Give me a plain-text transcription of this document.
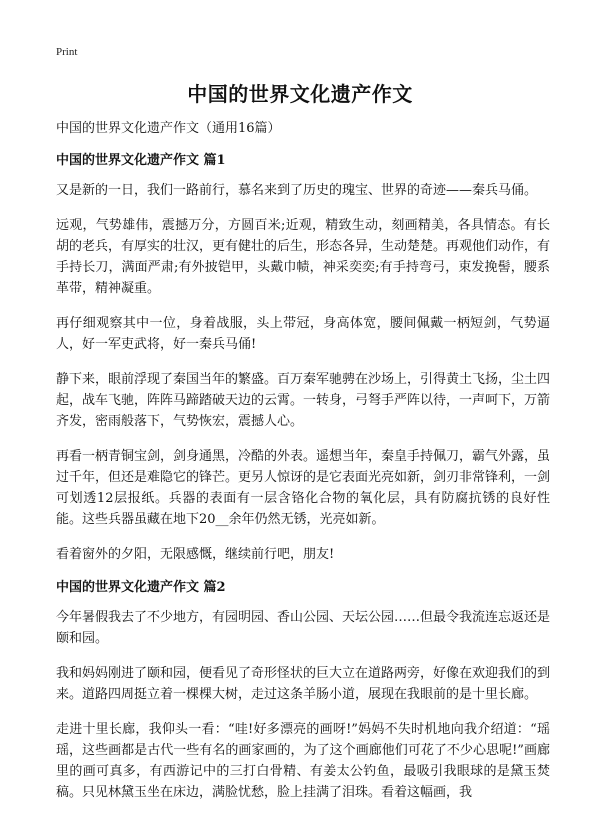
Print
中国的世界文化遗产作文

中国的世界文化遗产作文（通用16篇）

中国的世界文化遗产作文 篇1

又是新的一日，我们一路前行，慕名来到了历史的瑰宝、世界的奇迹——秦兵马俑。

远观，气势雄伟，震撼万分，方圆百米;近观，精致生动，刻画精美，各具情态。有长胡的老兵，有厚实的壮汉，更有健壮的后生，形态各异，生动楚楚。再观他们动作，有手持长刀，满面严肃;有外披铠甲，头戴巾帻，神采奕奕;有手持弯弓，束发挽髻，腰系革带，精神凝重。

再仔细观察其中一位，身着战服，头上带冠，身高体宽，腰间佩戴一柄短剑，气势逼人，好一军吏武将，好一秦兵马俑!

静下来，眼前浮现了秦国当年的繁盛。百万秦军驰骋在沙场上，引得黄土飞扬，尘土四起，战车飞驰，阵阵马蹄踏破天边的云霄。一转身，弓弩手严阵以待，一声呵下，万箭齐发，密雨般落下，气势恢宏，震撼人心。

再看一柄青铜宝剑，剑身通黑，冷酷的外表。遥想当年，秦皇手持佩刀，霸气外露，虽过千年，但还是难隐它的锋芒。更另人惊讶的是它表面光亮如新，剑刃非常锋利，一剑可划透12层报纸。兵器的表面有一层含铬化合物的氧化层，具有防腐抗锈的良好性能。这些兵器虽藏在地下20__余年仍然无锈，光亮如新。

看着窗外的夕阳，无限感慨，继续前行吧，朋友!

中国的世界文化遗产作文 篇2

今年暑假我去了不少地方，有园明园、香山公园、天坛公园……但最令我流连忘返还是颐和园。

我和妈妈刚进了颐和园，便看见了奇形怪状的巨大立在道路两旁，好像在欢迎我们的到来。道路四周挺立着一棵棵大树，走过这条羊肠小道，展现在我眼前的是十里长廊。

走进十里长廊，我仰头一看：“哇!好多漂亮的画呀!”妈妈不失时机地向我介绍道：“瑶瑶，这些画都是古代一些有名的画家画的，为了这个画廊他们可花了不少心思呢!”画廊里的画可真多，有西游记中的三打白骨精、有姜太公钓鱼，最吸引我眼球的是黛玉焚稿。只见林黛玉坐在床边，满脸忧愁，脸上挂满了泪珠。看着这幅画，我
